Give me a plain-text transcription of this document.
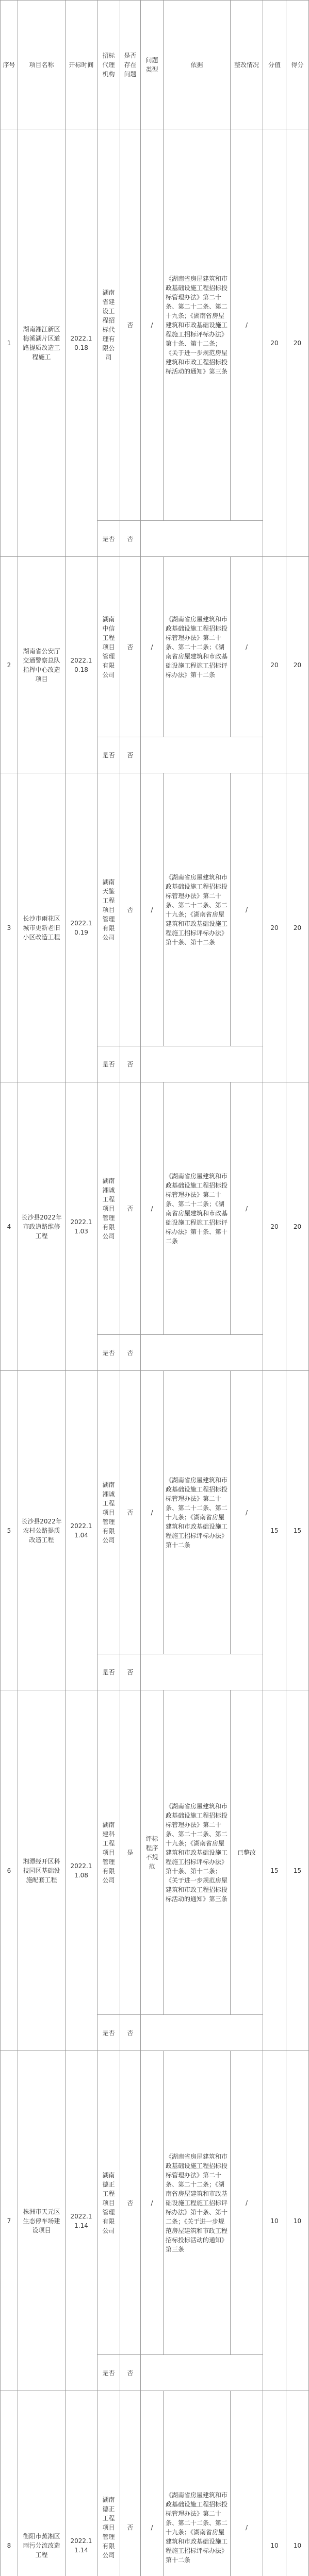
序号	项目名称	开标时间	招标代理机构	是否存在问题	问题类型	依据	整改情况	分值	得分

1	湖南湘江新区梅溪湖片区道路提质改造工程施工	2022.10.18	湖南省建设工程招标代理有限公司	否	/	《湖南省房屋建筑和市政基础设施工程招标投标管理办法》第二十条、第二十二条、第二十九条；《湖南省房屋建筑和市政基础设施工程施工招标评标办法》第十条、第十二条；《关于进一步规范房屋建筑和市政工程招标投标活动的通知》第三条	/	20	20

			是否	否					

2	湖南省公安厅交通警察总队指挥中心改造项目	2022.10.18	湖南中信工程项目管理有限公司	否	/	《湖南省房屋建筑和市政基础设施工程招标投标管理办法》第二十条、第二十二条；《湖南省房屋建筑和市政基础设施工程施工招标评标办法》第十二条	/	20	20

			是否	否					

3	长沙市雨花区城市更新老旧小区改造工程	2022.10.19	湖南天鉴工程项目管理有限公司	否	/	《湖南省房屋建筑和市政基础设施工程招标投标管理办法》第二十条、第二十二条、第二十九条；《湖南省房屋建筑和市政基础设施工程施工招标评标办法》第十条、第十二条	/	20	20

			是否	否					

4	长沙县2022年市政道路维修工程	2022.11.03	湖南湘诚工程项目管理有限公司	否	/	《湖南省房屋建筑和市政基础设施工程招标投标管理办法》第二十条、第二十二条；《湖南省房屋建筑和市政基础设施工程施工招标评标办法》第十条、第十二条	/	20	20

			是否	否					

5	长沙县2022年农村公路提质改造工程	2022.11.04	湖南湘诚工程项目管理有限公司	否	/	《湖南省房屋建筑和市政基础设施工程招标投标管理办法》第二十条、第二十二条、第二十九条；《湖南省房屋建筑和市政基础设施工程施工招标评标办法》第十二条	/	15	15

			是否	否					

6	湘潭经开区科技园区基础设施配套工程	2022.11.08	湖南建科工程项目管理有限公司	是	评标程序不规范	《湖南省房屋建筑和市政基础设施工程招标投标管理办法》第二十条、第二十二条、第二十九条；《湖南省房屋建筑和市政基础设施工程施工招标评标办法》第十条、第十二条；《关于进一步规范房屋建筑和市政工程招标投标活动的通知》第三条	已整改	15	15

			是否	否					

7	株洲市天元区生态停车场建设项目	2022.11.14	湖南德正工程项目管理有限公司	否	/	《湖南省房屋建筑和市政基础设施工程招标投标管理办法》第二十条、第二十二条；《湖南省房屋建筑和市政基础设施工程施工招标评标办法》第十条、第十二条；《关于进一步规范房屋建筑和市政工程招标投标活动的通知》第三条	/	10	10

			是否	否					

8	衡阳市蒸湘区雨污分流改造工程	2022.11.14	湖南德正工程项目管理有限公司	否	/	《湖南省房屋建筑和市政基础设施工程招标投标管理办法》第二十条、第二十二条、第二十九条；《湖南省房屋建筑和市政基础设施工程施工招标评标办法》第十二条	/	10	10
